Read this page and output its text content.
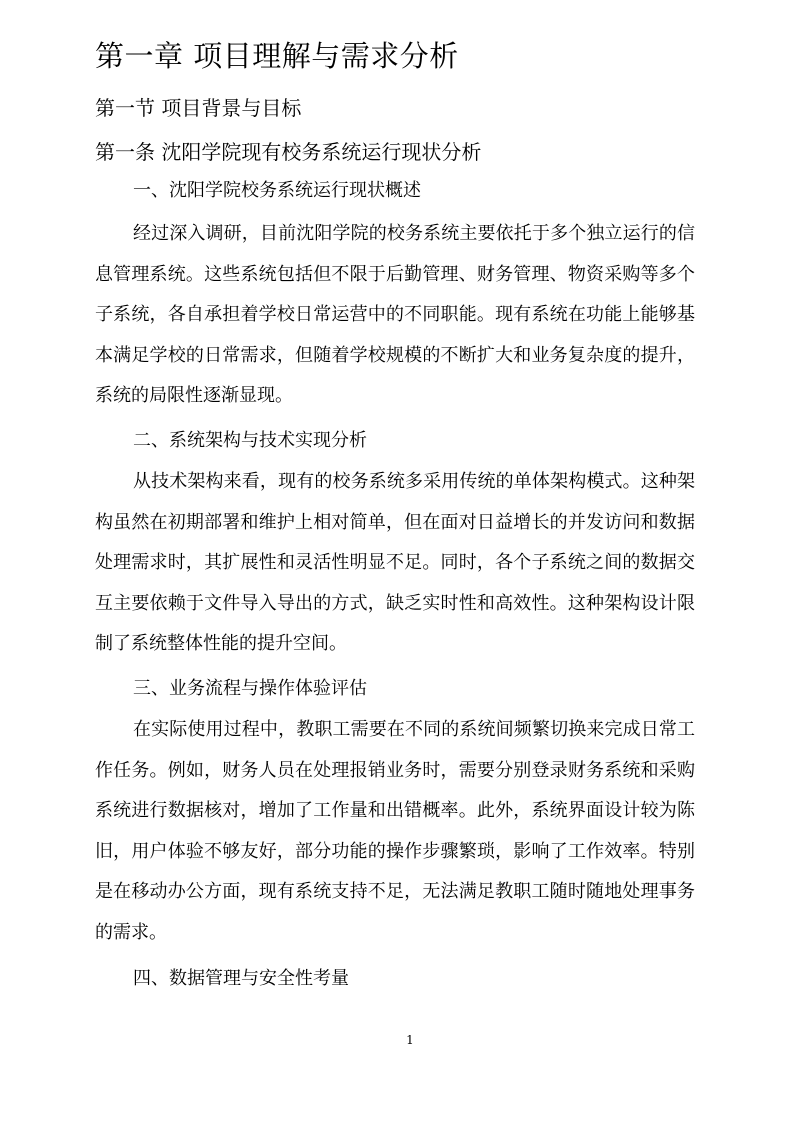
第一章 项目理解与需求分析
第一节 项目背景与目标
第一条 沈阳学院现有校务系统运行现状分析
一、沈阳学院校务系统运行现状概述

经过深入调研，目前沈阳学院的校务系统主要依托于多个独立运行的信息管理系统。这些系统包括但不限于后勤管理、财务管理、物资采购等多个子系统，各自承担着学校日常运营中的不同职能。现有系统在功能上能够基本满足学校的日常需求，但随着学校规模的不断扩大和业务复杂度的提升，系统的局限性逐渐显现。

二、系统架构与技术实现分析

从技术架构来看，现有的校务系统多采用传统的单体架构模式。这种架构虽然在初期部署和维护上相对简单，但在面对日益增长的并发访问和数据处理需求时，其扩展性和灵活性明显不足。同时，各个子系统之间的数据交互主要依赖于文件导入导出的方式，缺乏实时性和高效性。这种架构设计限制了系统整体性能的提升空间。

三、业务流程与操作体验评估

在实际使用过程中，教职工需要在不同的系统间频繁切换来完成日常工作任务。例如，财务人员在处理报销业务时，需要分别登录财务系统和采购系统进行数据核对，增加了工作量和出错概率。此外，系统界面设计较为陈旧，用户体验不够友好，部分功能的操作步骤繁琐，影响了工作效率。特别是在移动办公方面，现有系统支持不足，无法满足教职工随时随地处理事务的需求。

四、数据管理与安全性考量
1
